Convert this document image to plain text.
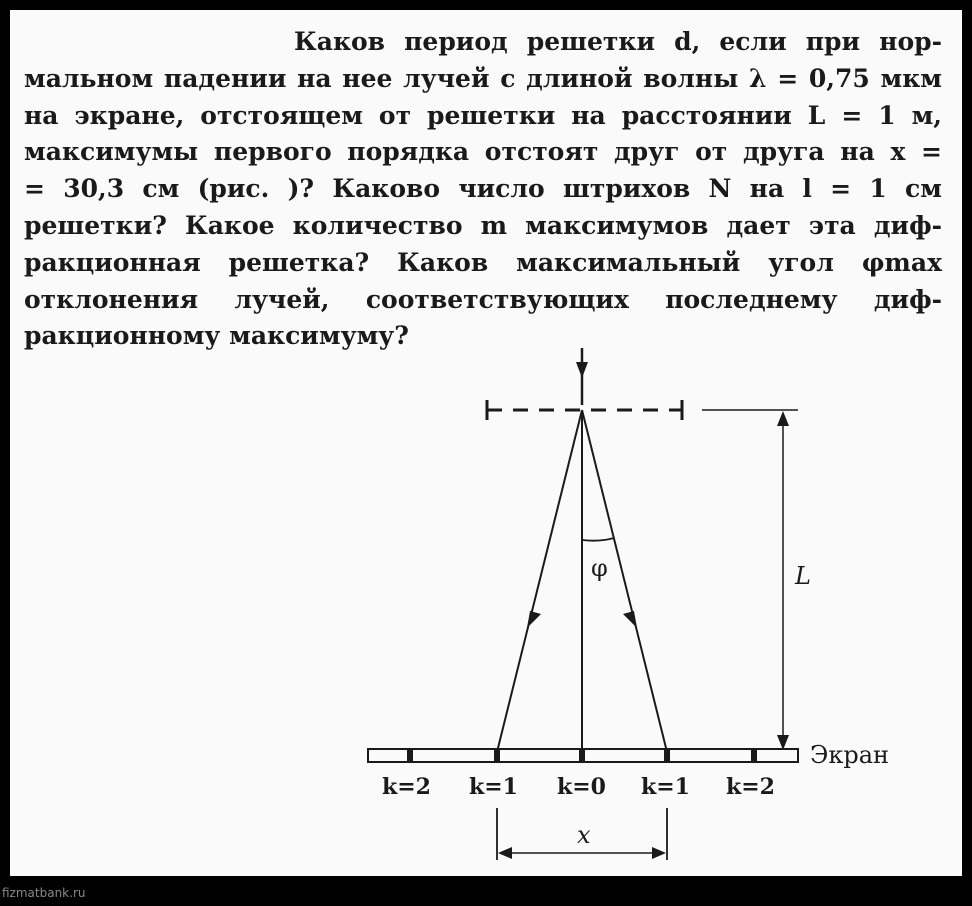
Каков период решетки d, если при нор-
мальном падении на нее лучей с длиной волны λ = 0,75 мкм
на экране, отстоящем от решетки на расстоянии L = 1 м,
максимумы первого порядка отстоят друг от друга на x =
= 30,3 см (рис. )? Каково число штрихов N на l = 1 см
решетки? Какое количество m максимумов дает эта диф-
ракционная решетка? Каков максимальный угол φmax
отклонения лучей, соответствующих последнему диф-
ракционному максимуму?
φ	L
Экран
k=2 k=1 k=0 k=1 k=2
x
fizmatbank.ru
